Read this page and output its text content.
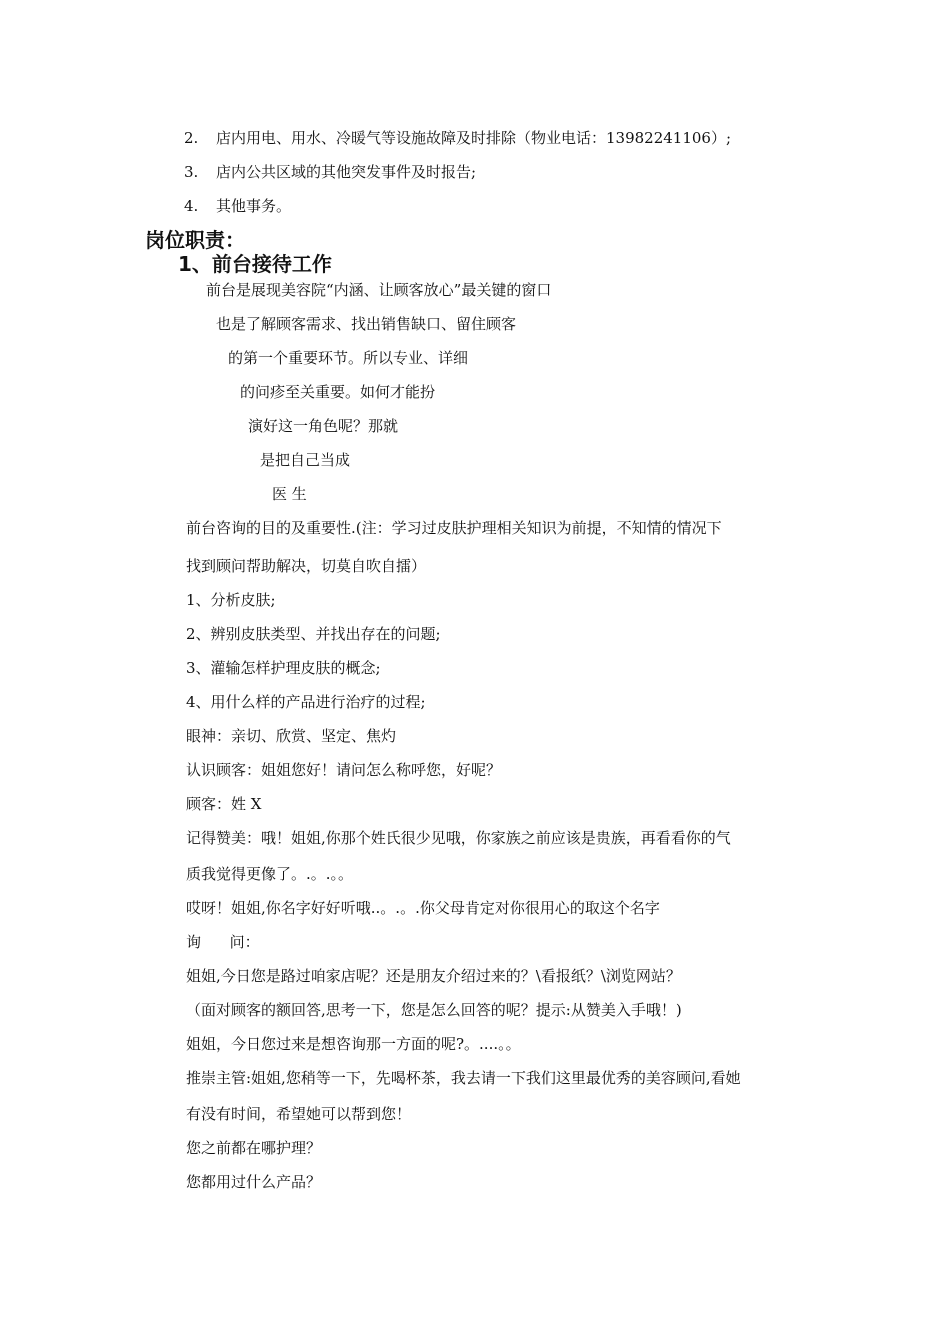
2. 店内用电、用水、冷暖气等设施故障及时排除（物业电话：13982241106）;
3. 店内公共区域的其他突发事件及时报告;
4. 其他事务。
岗位职责：
1、前台接待工作
前台是展现美容院“内涵、让顾客放心”最关键的窗口
也是了解顾客需求、找出销售缺口、留住顾客
的第一个重要环节。所以专业、详细
的问疹至关重要。如何才能扮
演好这一角色呢？那就
是把自己当成
医 生
前台咨询的目的及重要性.(注：学习过皮肤护理相关知识为前提，不知情的情况下
找到顾问帮助解决，切莫自吹自擂）
1、分析皮肤;
2、辨别皮肤类型、并找出存在的问题;
3、灌输怎样护理皮肤的概念;
4、用什么样的产品进行治疗的过程;
眼神：亲切、欣赏、坚定、焦灼
认识顾客：姐姐您好！请问怎么称呼您，好呢？
顾客：姓 X
记得赞美：哦！姐姐,你那个姓氏很少见哦，你家族之前应该是贵族，再看看你的气
质我觉得更像了。.。.。。
哎呀！姐姐,你名字好好听哦..。.。.你父母肯定对你很用心的取这个名字
询      问：
姐姐,今日您是路过咱家店呢？还是朋友介绍过来的？\看报纸？\浏览网站？
（面对顾客的额回答,思考一下，您是怎么回答的呢？提示:从赞美入手哦！)
姐姐，今日您过来是想咨询那一方面的呢?。....。。
推崇主管:姐姐,您稍等一下，先喝杯茶，我去请一下我们这里最优秀的美容顾问,看她
有没有时间，希望她可以帮到您！
您之前都在哪护理？
您都用过什么产品？
